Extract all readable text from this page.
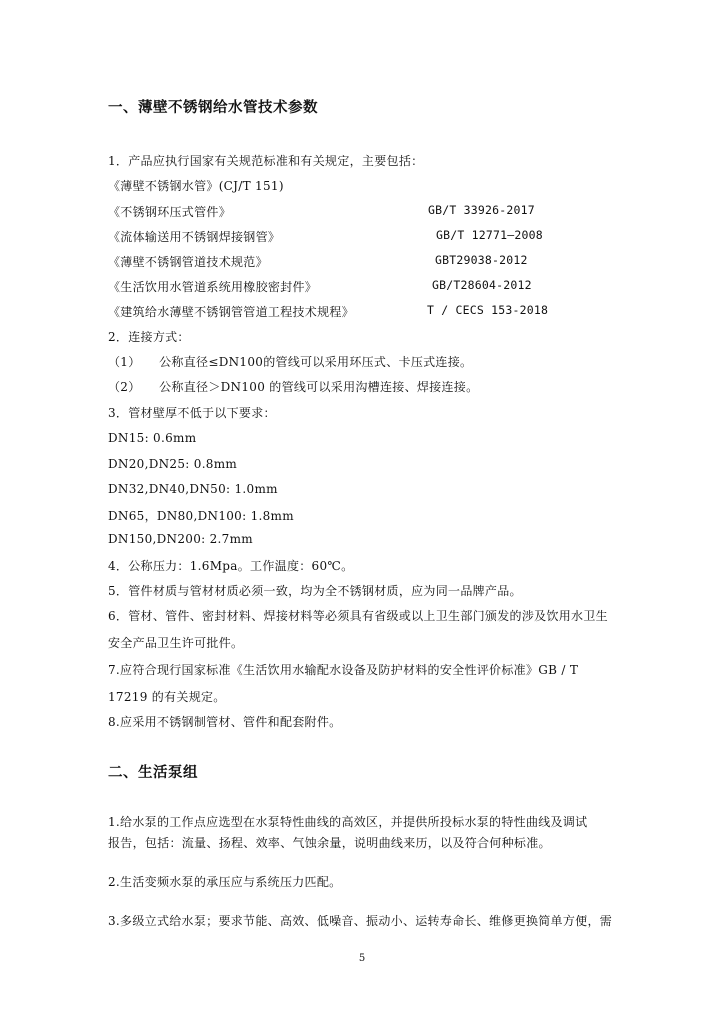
一、薄壁不锈钢给水管技术参数
1．产品应执行国家有关规范标准和有关规定，主要包括：
《薄壁不锈钢水管》(CJ/T 151)
《不锈钢环压式管件》	GB/T 33926-2017
《流体输送用不锈钢焊接钢管》	GB/T 12771—2008
《薄壁不锈钢管道技术规范》	GBT29038-2012
《生活饮用水管道系统用橡胶密封件》	GB/T28604-2012
《建筑给水薄壁不锈钢管管道工程技术规程》	T / CECS 153-2018
2．连接方式：
（1）　　公称直径≤DN100的管线可以采用环压式、卡压式连接。
（2）　　公称直径＞DN100 的管线可以采用沟槽连接、焊接连接。
3．管材壁厚不低于以下要求：
DN15: 0.6mm
DN20,DN25: 0.8mm
DN32,DN40,DN50: 1.0mm
DN65，DN80,DN100: 1.8mm
DN150,DN200: 2.7mm
4．公称压力：1.6Mpa。工作温度：60℃。
5．管件材质与管材材质必须一致，均为全不锈钢材质，应为同一品牌产品。
6．管材、管件、密封材料、焊接材料等必须具有省级或以上卫生部门颁发的涉及饮用水卫生
安全产品卫生许可批件。
7.应符合现行国家标准《生活饮用水输配水设备及防护材料的安全性评价标准》GB / T
17219 的有关规定。
8.应采用不锈钢制管材、管件和配套附件。
二、生活泵组
1.给水泵的工作点应选型在水泵特性曲线的高效区，并提供所投标水泵的特性曲线及调试
报告，包括：流量、扬程、效率、气蚀余量，说明曲线来历，以及符合何种标准。
2.生活变频水泵的承压应与系统压力匹配。
3.多级立式给水泵；要求节能、高效、低噪音、振动小、运转寿命长、维修更换简单方便，需
5
